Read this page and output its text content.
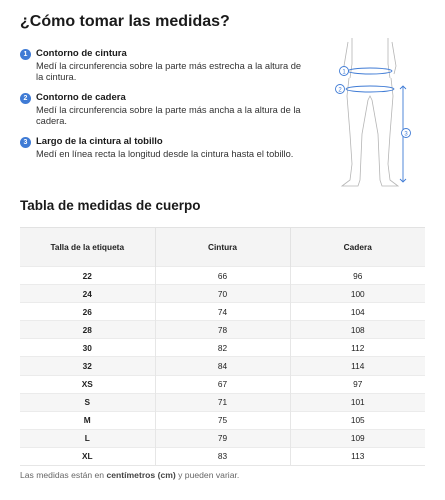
¿Cómo tomar las medidas?
1 Contorno de cintura
Medí la circunferencia sobre la parte más estrecha a la altura de la cintura.
2 Contorno de cadera
Medí la circunferencia sobre la parte más ancha a la altura de la cadera.
3 Largo de la cintura al tobillo
Medí en línea recta la longitud desde la cintura hasta el tobillo.
1
2
3
Tabla de medidas de cuerpo
Talla de la etiqueta	Cintura	Cadera
22	66	96
24	70	100
26	74	104
28	78	108
30	82	112
32	84	114
XS	67	97
S	71	101
M	75	105
L	79	109
XL	83	113
Las medidas están en centímetros (cm) y pueden variar.
